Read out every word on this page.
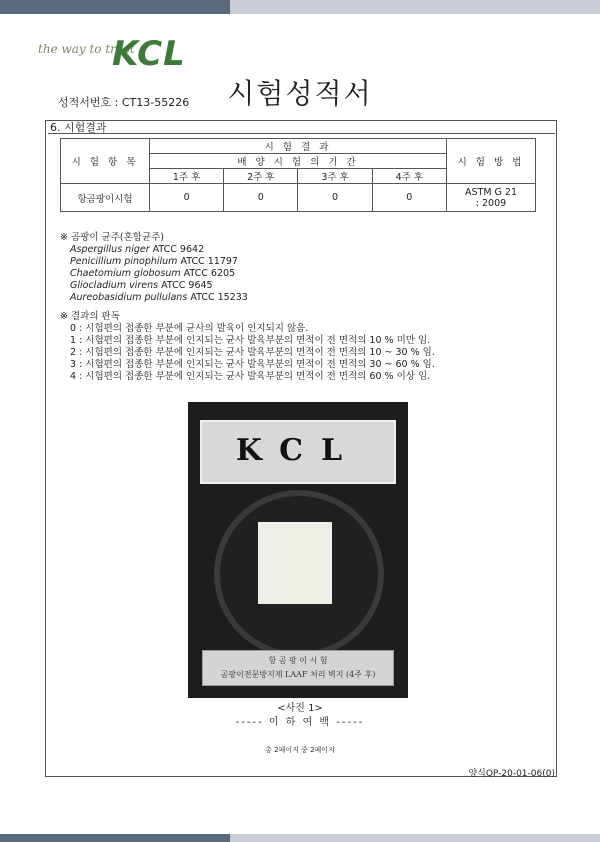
the way to trust
KCL
시험성적서
성적서번호 : CT13-55226
6. 시험결과
시 험 항 목	시 험 결 과				시 험 방 법
	배 양 시 험 의 기 간				
	1주 후	2주 후	3주 후	4주 후	
항곰팡이시험	0	0	0	0	ASTM G 21
: 2009
※ 곰팡이 균주(혼합균주)
Aspergillus niger ATCC 9642
Penicillium pinophilum ATCC 11797
Chaetomium globosum ATCC 6205
Gliocladium virens ATCC 9645
Aureobasidium pullulans ATCC 15233
※ 결과의 판독
0 : 시험편의 접종한 부분에 균사의 발육이 인지되지 않음.
1 : 시험편의 접종한 부분에 인지되는 균사 발육부분의 면적이 전 면적의 10 % 미만 임.
2 : 시험편의 접종한 부분에 인지되는 균사 발육부분의 면적이 전 면적의 10 ~ 30 % 임.
3 : 시험편의 접종한 부분에 인지되는 균사 발육부분의 면적이 전 면적의 30 ~ 60 % 임.
4 : 시험편의 접종한 부분에 인지되는 균사 발육부분의 면적이 전 면적의 60 % 이상 임.
KCL
항 곰 팡 이 시 험
곰팡이전문방지제 LAAF 처리 벽지 (4주 후)
<사진 1>
----- 이 하 여 백 -----
총 2페이지 중 2페이지
양식QP-20-01-06(0)
